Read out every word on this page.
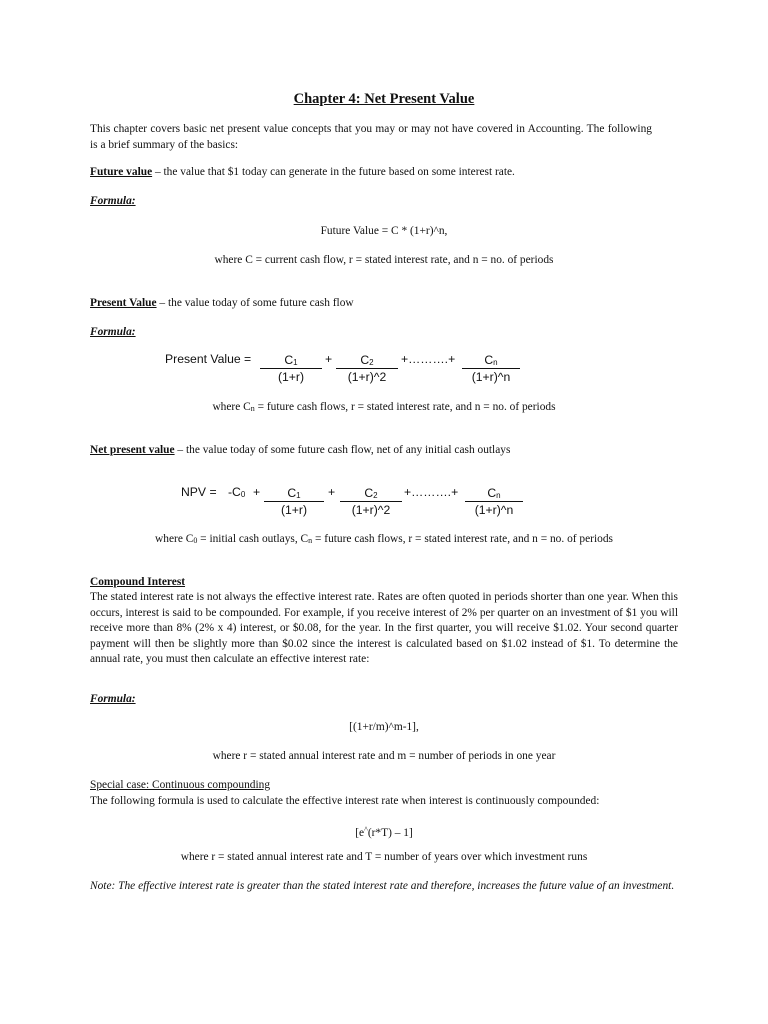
Chapter 4: Net Present Value
This chapter covers basic net present value concepts that you may or may not have covered in Accounting. The following is a brief summary of the basics:
Future value – the value that $1 today can generate in the future based on some interest rate.
Formula:
Future Value = C * (1+r)^n,
where C = current cash flow, r = stated interest rate, and n = no. of periods
Present Value – the value today of some future cash flow
Formula:
Present Value = $\frac{C_1}{(1+r)} + \frac{C_2}{(1+r)\^{}2}$ +……….+ $\frac{C_n}{(1+r)\^{}n}$
where $C_n$ = future cash flows, r = stated interest rate, and n = no. of periods
Net present value – the value today of some future cash flow, net of any initial cash outlays
NPV = $-C_0 + \frac{C_1}{(1+r)} + \frac{C_2}{(1+r)\^{}2}$ +……….+ $\frac{C_n}{(1+r)\^{}n}$
where $C_0$ = initial cash outlays, $C_n$ = future cash flows, r = stated interest rate, and n = no. of periods
Compound Interest
The stated interest rate is not always the effective interest rate. Rates are often quoted in periods shorter than one year. When this occurs, interest is said to be compounded. For example, if you receive interest of 2% per quarter on an investment of $1 you will receive more than 8% (2% x 4) interest, or $0.08, for the year. In the first quarter, you will receive $1.02. Your second quarter payment will then be slightly more than $0.02 since the interest is calculated based on $1.02 instead of $1. To determine the annual rate, you must then calculate an effective interest rate:
Formula:
[(1+r/m)^m-1],
where r = stated annual interest rate and m = number of periods in one year
Special case: Continuous compounding
The following formula is used to calculate the effective interest rate when interest is continuously compounded:
[e^(r*T) – 1]
where r = stated annual interest rate and T = number of years over which investment runs
Note: The effective interest rate is greater than the stated interest rate and therefore, increases the future value of an investment.
